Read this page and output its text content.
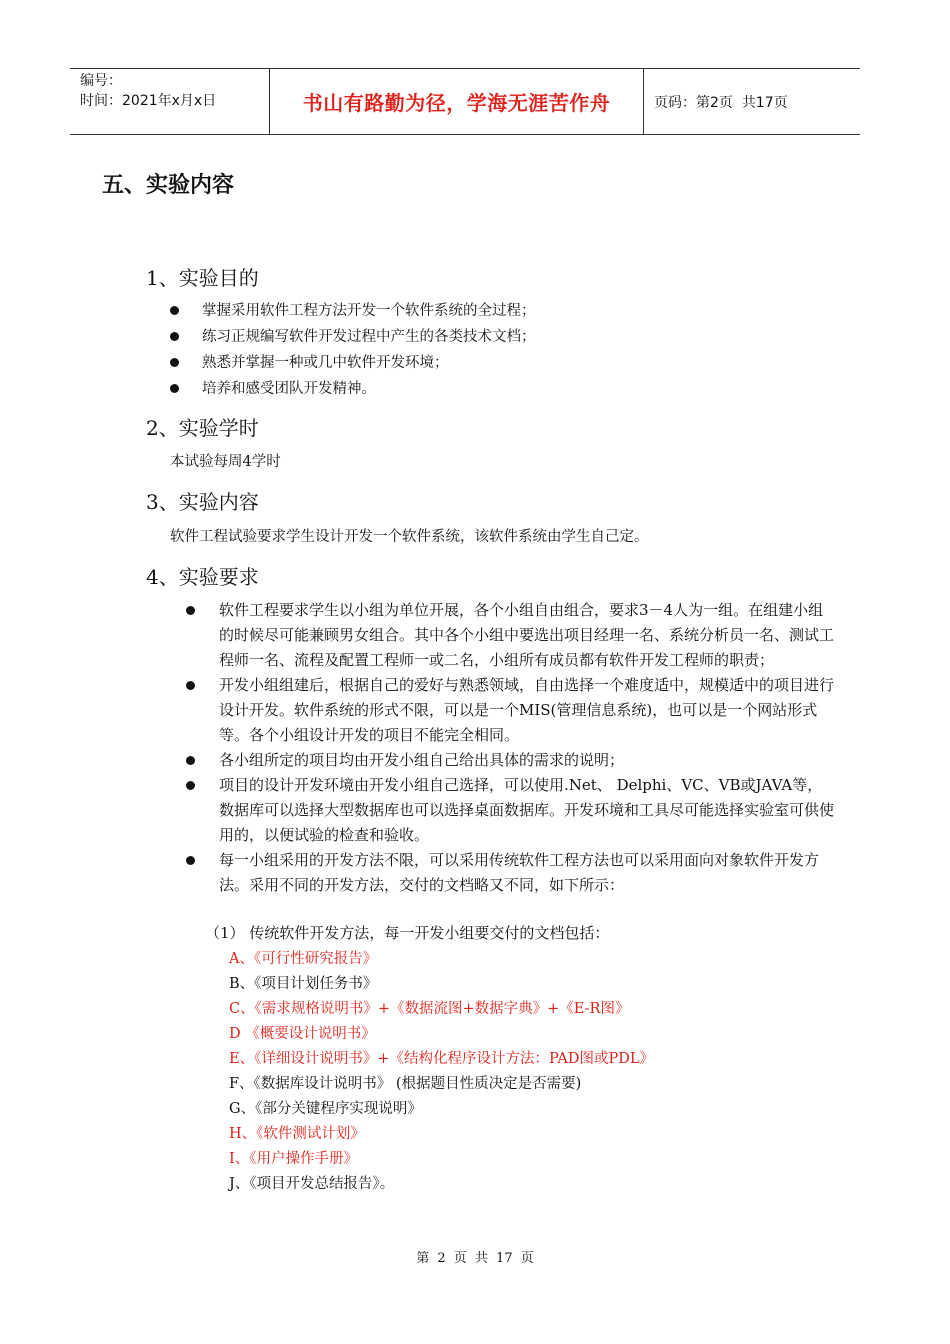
编号：
时间：2021年x月x日	书山有路勤为径，学海无涯苦作舟	页码：第2页  共17页
五、实验内容
1、实验目的
掌握采用软件工程方法开发一个软件系统的全过程；
练习正规编写软件开发过程中产生的各类技术文档；
熟悉并掌握一种或几中软件开发环境；
培养和感受团队开发精神。
2、实验学时
本试验每周4学时
3、实验内容
软件工程试验要求学生设计开发一个软件系统，该软件系统由学生自己定。
4、实验要求
软件工程要求学生以小组为单位开展，各个小组自由组合，要求3－4人为一组。在组建小组的时候尽可能兼顾男女组合。其中各个小组中要选出项目经理一名、系统分析员一名、测试工程师一名、流程及配置工程师一或二名，小组所有成员都有软件开发工程师的职责；
开发小组组建后，根据自己的爱好与熟悉领域，自由选择一个难度适中，规模适中的项目进行设计开发。软件系统的形式不限，可以是一个MIS(管理信息系统)，也可以是一个网站形式等。各个小组设计开发的项目不能完全相同。
各小组所定的项目均由开发小组自己给出具体的需求的说明；
项目的设计开发环境由开发小组自己选择，可以使用.Net、 Delphi、VC、VB或JAVA等，数据库可以选择大型数据库也可以选择桌面数据库。开发环境和工具尽可能选择实验室可供使用的，以便试验的检查和验收。
每一小组采用的开发方法不限，可以采用传统软件工程方法也可以采用面向对象软件开发方法。采用不同的开发方法，交付的文档略又不同，如下所示：
（1） 传统软件开发方法，每一开发小组要交付的文档包括：
A、《可行性研究报告》
B、《项目计划任务书》
C、《需求规格说明书》+《数据流图+数据字典》+《E-R图》
D 《概要设计说明书》
E、《详细设计说明书》+《结构化程序设计方法：PAD图或PDL》
F、《数据库设计说明书》 (根据题目性质决定是否需要)
G、《部分关键程序实现说明》
H、《软件测试计划》
I、《用户操作手册》
J、《项目开发总结报告》。
第 2 页 共 17 页
